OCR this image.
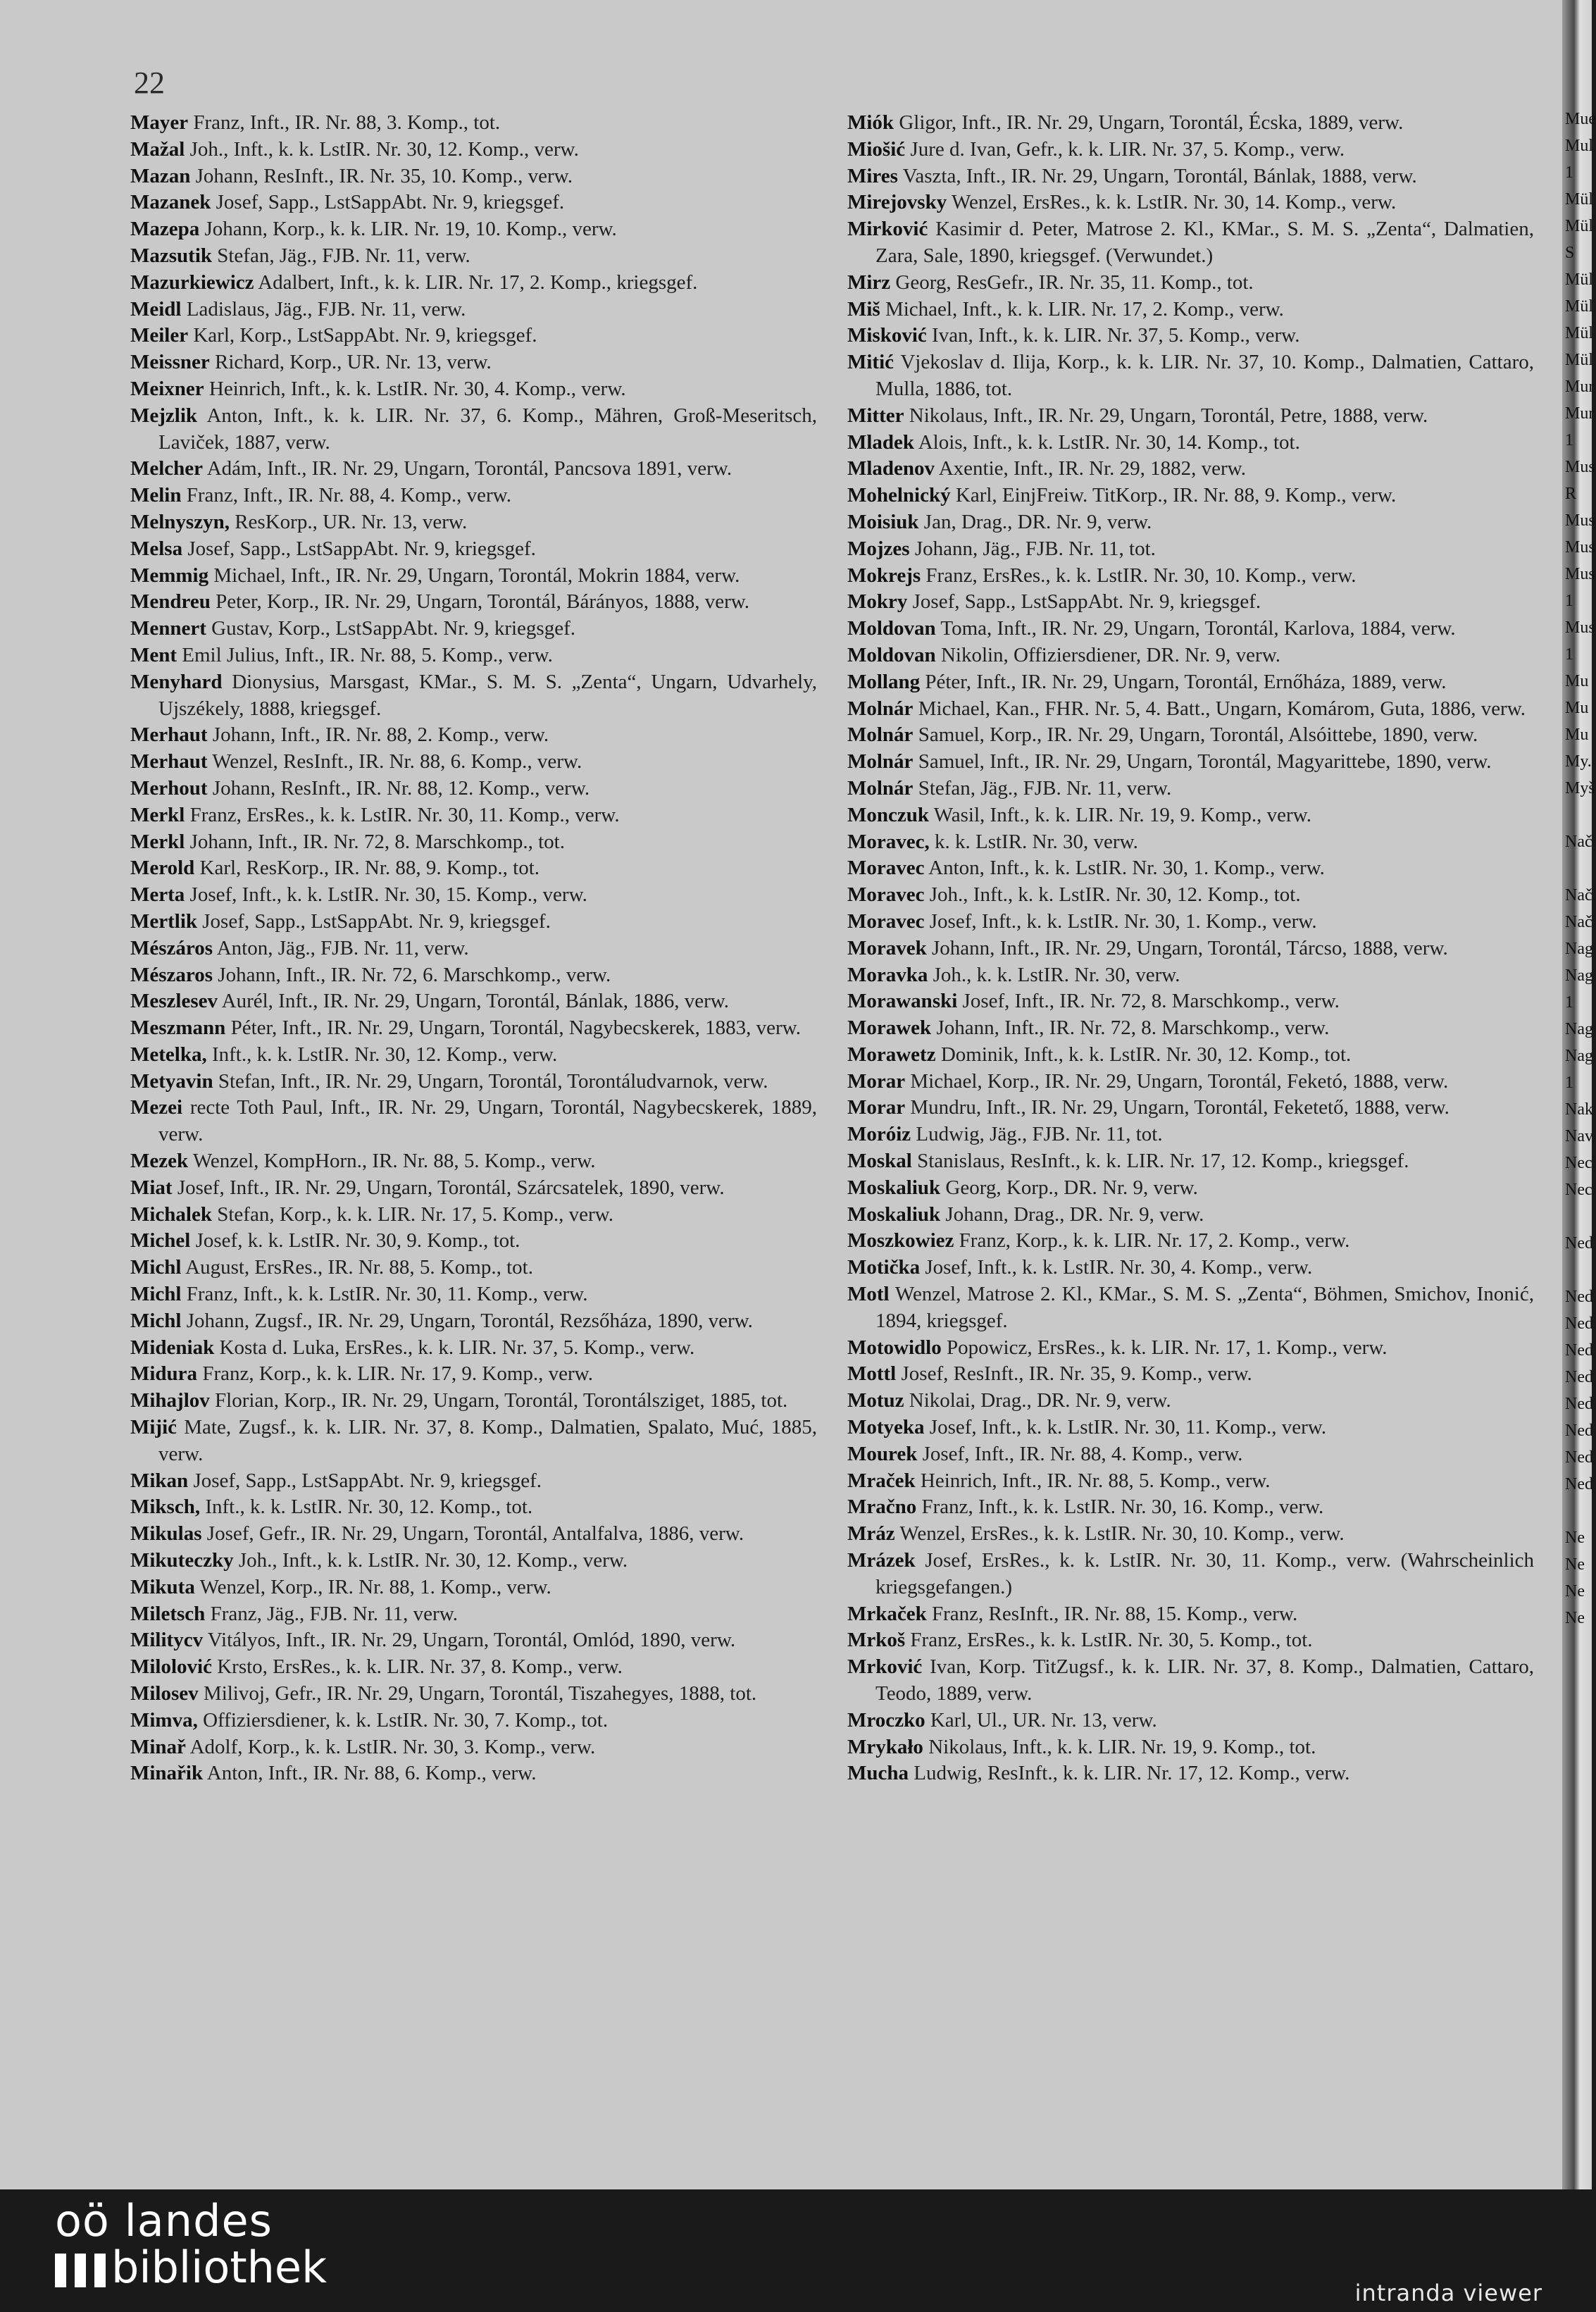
22

Mayer Franz, Inft., IR. Nr. 88, 3. Komp., tot.

Mažal Joh., Inft., k. k. LstIR. Nr. 30, 12. Komp., verw.

Mazan Johann, ResInft., IR. Nr. 35, 10. Komp., verw.

Mazanek Josef, Sapp., LstSappAbt. Nr. 9, kriegsgef.

Mazepa Johann, Korp., k. k. LIR. Nr. 19, 10. Komp., verw.

Mazsutik Stefan, Jäg., FJB. Nr. 11, verw.

Mazurkiewicz Adalbert, Inft., k. k. LIR. Nr. 17, 2. Komp., kriegsgef.

Meidl Ladislaus, Jäg., FJB. Nr. 11, verw.

Meiler Karl, Korp., LstSappAbt. Nr. 9, kriegsgef.

Meissner Richard, Korp., UR. Nr. 13, verw.

Meixner Heinrich, Inft., k. k. LstIR. Nr. 30, 4. Komp., verw.

Mejzlik Anton, Inft., k. k. LIR. Nr. 37, 6. Komp., Mähren, Groß-Meseritsch, Laviček, 1887, verw.

Melcher Adám, Inft., IR. Nr. 29, Ungarn, Torontál, Pancsova 1891, verw.

Melin Franz, Inft., IR. Nr. 88, 4. Komp., verw.

Melnyszyn, ResKorp., UR. Nr. 13, verw.

Melsa Josef, Sapp., LstSappAbt. Nr. 9, kriegsgef.

Memmig Michael, Inft., IR. Nr. 29, Ungarn, Torontál, Mokrin 1884, verw.

Mendreu Peter, Korp., IR. Nr. 29, Ungarn, Torontál, Bárányos, 1888, verw.

Mennert Gustav, Korp., LstSappAbt. Nr. 9, kriegsgef.

Ment Emil Julius, Inft., IR. Nr. 88, 5. Komp., verw.

Menyhard Dionysius, Marsgast, KMar., S. M. S. „Zenta“, Ungarn, Udvarhely, Ujszékely, 1888, kriegsgef.

Merhaut Johann, Inft., IR. Nr. 88, 2. Komp., verw.

Merhaut Wenzel, ResInft., IR. Nr. 88, 6. Komp., verw.

Merhout Johann, ResInft., IR. Nr. 88, 12. Komp., verw.

Merkl Franz, ErsRes., k. k. LstIR. Nr. 30, 11. Komp., verw.

Merkl Johann, Inft., IR. Nr. 72, 8. Marschkomp., tot.

Merold Karl, ResKorp., IR. Nr. 88, 9. Komp., tot.

Merta Josef, Inft., k. k. LstIR. Nr. 30, 15. Komp., verw.

Mertlik Josef, Sapp., LstSappAbt. Nr. 9, kriegsgef.

Mészáros Anton, Jäg., FJB. Nr. 11, verw.

Mészaros Johann, Inft., IR. Nr. 72, 6. Marschkomp., verw.

Meszlesev Aurél, Inft., IR. Nr. 29, Ungarn, Torontál, Bánlak, 1886, verw.

Meszmann Péter, Inft., IR. Nr. 29, Ungarn, Torontál, Nagybecskerek, 1883, verw.

Metelka, Inft., k. k. LstIR. Nr. 30, 12. Komp., verw.

Metyavin Stefan, Inft., IR. Nr. 29, Ungarn, Torontál, Torontáludvarnok, verw.

Mezei recte Toth Paul, Inft., IR. Nr. 29, Ungarn, Torontál, Nagybecskerek, 1889, verw.

Mezek Wenzel, KompHorn., IR. Nr. 88, 5. Komp., verw.

Miat Josef, Inft., IR. Nr. 29, Ungarn, Torontál, Szárcsatelek, 1890, verw.

Michalek Stefan, Korp., k. k. LIR. Nr. 17, 5. Komp., verw.

Michel Josef, k. k. LstIR. Nr. 30, 9. Komp., tot.

Michl August, ErsRes., IR. Nr. 88, 5. Komp., tot.

Michl Franz, Inft., k. k. LstIR. Nr. 30, 11. Komp., verw.

Michl Johann, Zugsf., IR. Nr. 29, Ungarn, Torontál, Rezsőháza, 1890, verw.

Mideniak Kosta d. Luka, ErsRes., k. k. LIR. Nr. 37, 5. Komp., verw.

Midura Franz, Korp., k. k. LIR. Nr. 17, 9. Komp., verw.

Mihajlov Florian, Korp., IR. Nr. 29, Ungarn, Torontál, Torontálsziget, 1885, tot.

Mijić Mate, Zugsf., k. k. LIR. Nr. 37, 8. Komp., Dalmatien, Spalato, Muć, 1885, verw.

Mikan Josef, Sapp., LstSappAbt. Nr. 9, kriegsgef.

Miksch, Inft., k. k. LstIR. Nr. 30, 12. Komp., tot.

Mikulas Josef, Gefr., IR. Nr. 29, Ungarn, Torontál, Antalfalva, 1886, verw.

Mikuteczky Joh., Inft., k. k. LstIR. Nr. 30, 12. Komp., verw.

Mikuta Wenzel, Korp., IR. Nr. 88, 1. Komp., verw.

Miletsch Franz, Jäg., FJB. Nr. 11, verw.

Militycv Vitályos, Inft., IR. Nr. 29, Ungarn, Torontál, Omlód, 1890, verw.

Milolović Krsto, ErsRes., k. k. LIR. Nr. 37, 8. Komp., verw.

Milosev Milivoj, Gefr., IR. Nr. 29, Ungarn, Torontál, Tiszahegyes, 1888, tot.

Mimva, Offiziersdiener, k. k. LstIR. Nr. 30, 7. Komp., tot.

Minař Adolf, Korp., k. k. LstIR. Nr. 30, 3. Komp., verw.

Minařik Anton, Inft., IR. Nr. 88, 6. Komp., verw.

Miók Gligor, Inft., IR. Nr. 29, Ungarn, Torontál, Écska, 1889, verw.

Miošić Jure d. Ivan, Gefr., k. k. LIR. Nr. 37, 5. Komp., verw.

Mires Vaszta, Inft., IR. Nr. 29, Ungarn, Torontál, Bánlak, 1888, verw.

Mirejovsky Wenzel, ErsRes., k. k. LstIR. Nr. 30, 14. Komp., verw.

Mirković Kasimir d. Peter, Matrose 2. Kl., KMar., S. M. S. „Zenta“, Dalmatien, Zara, Sale, 1890, kriegsgef. (Verwundet.)

Mirz Georg, ResGefr., IR. Nr. 35, 11. Komp., tot.

Miš Michael, Inft., k. k. LIR. Nr. 17, 2. Komp., verw.

Misković Ivan, Inft., k. k. LIR. Nr. 37, 5. Komp., verw.

Mitić Vjekoslav d. Ilija, Korp., k. k. LIR. Nr. 37, 10. Komp., Dalmatien, Cattaro, Mulla, 1886, tot.

Mitter Nikolaus, Inft., IR. Nr. 29, Ungarn, Torontál, Petre, 1888, verw.

Mladek Alois, Inft., k. k. LstIR. Nr. 30, 14. Komp., tot.

Mladenov Axentie, Inft., IR. Nr. 29, 1882, verw.

Mohelnický Karl, EinjFreiw. TitKorp., IR. Nr. 88, 9. Komp., verw.

Moisiuk Jan, Drag., DR. Nr. 9, verw.

Mojzes Johann, Jäg., FJB. Nr. 11, tot.

Mokrejs Franz, ErsRes., k. k. LstIR. Nr. 30, 10. Komp., verw.

Mokry Josef, Sapp., LstSappAbt. Nr. 9, kriegsgef.

Moldovan Toma, Inft., IR. Nr. 29, Ungarn, Torontál, Karlova, 1884, verw.

Moldovan Nikolin, Offiziersdiener, DR. Nr. 9, verw.

Mollang Péter, Inft., IR. Nr. 29, Ungarn, Torontál, Ernőháza, 1889, verw.

Molnár Michael, Kan., FHR. Nr. 5, 4. Batt., Ungarn, Komárom, Guta, 1886, verw.

Molnár Samuel, Korp., IR. Nr. 29, Ungarn, Torontál, Alsóittebe, 1890, verw.

Molnár Samuel, Inft., IR. Nr. 29, Ungarn, Torontál, Magyarittebe, 1890, verw.

Molnár Stefan, Jäg., FJB. Nr. 11, verw.

Monczuk Wasil, Inft., k. k. LIR. Nr. 19, 9. Komp., verw.

Moravec, k. k. LstIR. Nr. 30, verw.

Moravec Anton, Inft., k. k. LstIR. Nr. 30, 1. Komp., verw.

Moravec Joh., Inft., k. k. LstIR. Nr. 30, 12. Komp., tot.

Moravec Josef, Inft., k. k. LstIR. Nr. 30, 1. Komp., verw.

Moravek Johann, Inft., IR. Nr. 29, Ungarn, Torontál, Tárcso, 1888, verw.

Moravka Joh., k. k. LstIR. Nr. 30, verw.

Morawanski Josef, Inft., IR. Nr. 72, 8. Marschkomp., verw.

Morawek Johann, Inft., IR. Nr. 72, 8. Marschkomp., verw.

Morawetz Dominik, Inft., k. k. LstIR. Nr. 30, 12. Komp., tot.

Morar Michael, Korp., IR. Nr. 29, Ungarn, Torontál, Feketó, 1888, verw.

Morar Mundru, Inft., IR. Nr. 29, Ungarn, Torontál, Feketető, 1888, verw.

Moróiz Ludwig, Jäg., FJB. Nr. 11, tot.

Moskal Stanislaus, ResInft., k. k. LIR. Nr. 17, 12. Komp., kriegsgef.

Moskaliuk Georg, Korp., DR. Nr. 9, verw.

Moskaliuk Johann, Drag., DR. Nr. 9, verw.

Moszkowiez Franz, Korp., k. k. LIR. Nr. 17, 2. Komp., verw.

Motička Josef, Inft., k. k. LstIR. Nr. 30, 4. Komp., verw.

Motl Wenzel, Matrose 2. Kl., KMar., S. M. S. „Zenta“, Böhmen, Smichov, Inonić, 1894, kriegsgef.

Motowidlo Popowicz, ErsRes., k. k. LIR. Nr. 17, 1. Komp., verw.

Mottl Josef, ResInft., IR. Nr. 35, 9. Komp., verw.

Motuz Nikolai, Drag., DR. Nr. 9, verw.

Motyeka Josef, Inft., k. k. LstIR. Nr. 30, 11. Komp., verw.

Mourek Josef, Inft., IR. Nr. 88, 4. Komp., verw.

Mraček Heinrich, Inft., IR. Nr. 88, 5. Komp., verw.

Mračno Franz, Inft., k. k. LstIR. Nr. 30, 16. Komp., verw.

Mráz Wenzel, ErsRes., k. k. LstIR. Nr. 30, 10. Komp., verw.

Mrázek Josef, ErsRes., k. k. LstIR. Nr. 30, 11. Komp., verw. (Wahrscheinlich kriegsgefangen.)

Mrkaček Franz, ResInft., IR. Nr. 88, 15. Komp., verw.

Mrkoš Franz, ErsRes., k. k. LstIR. Nr. 30, 5. Komp., tot.

Mrković Ivan, Korp. TitZugsf., k. k. LIR. Nr. 37, 8. Komp., Dalmatien, Cattaro, Teodo, 1889, verw.

Mroczko Karl, Ul., UR. Nr. 13, verw.

Mrykało Nikolaus, Inft., k. k. LIR. Nr. 19, 9. Komp., tot.

Mucha Ludwig, ResInft., k. k. LIR. Nr. 17, 12. Komp., verw.

Mue
Mul
1
Mül
Mül
S
Mül
Mül
Mül
Mül
Mur
Mur
1
Mus
R
Mus
Mus
Mus
1
Mus
1
Mu
Mu
Mu
My.
Myš
Nač
Nač
Nač
Nag
Nag
1
Nag
Nag
1
Nak
Nav
Nec
Nec
Ned
Ned
Ned
Ned
Ned
Ned
Ned
Ned
Ned
Ne
Ne
Ne
Ne
oö landes
bibliothek	intranda viewer
